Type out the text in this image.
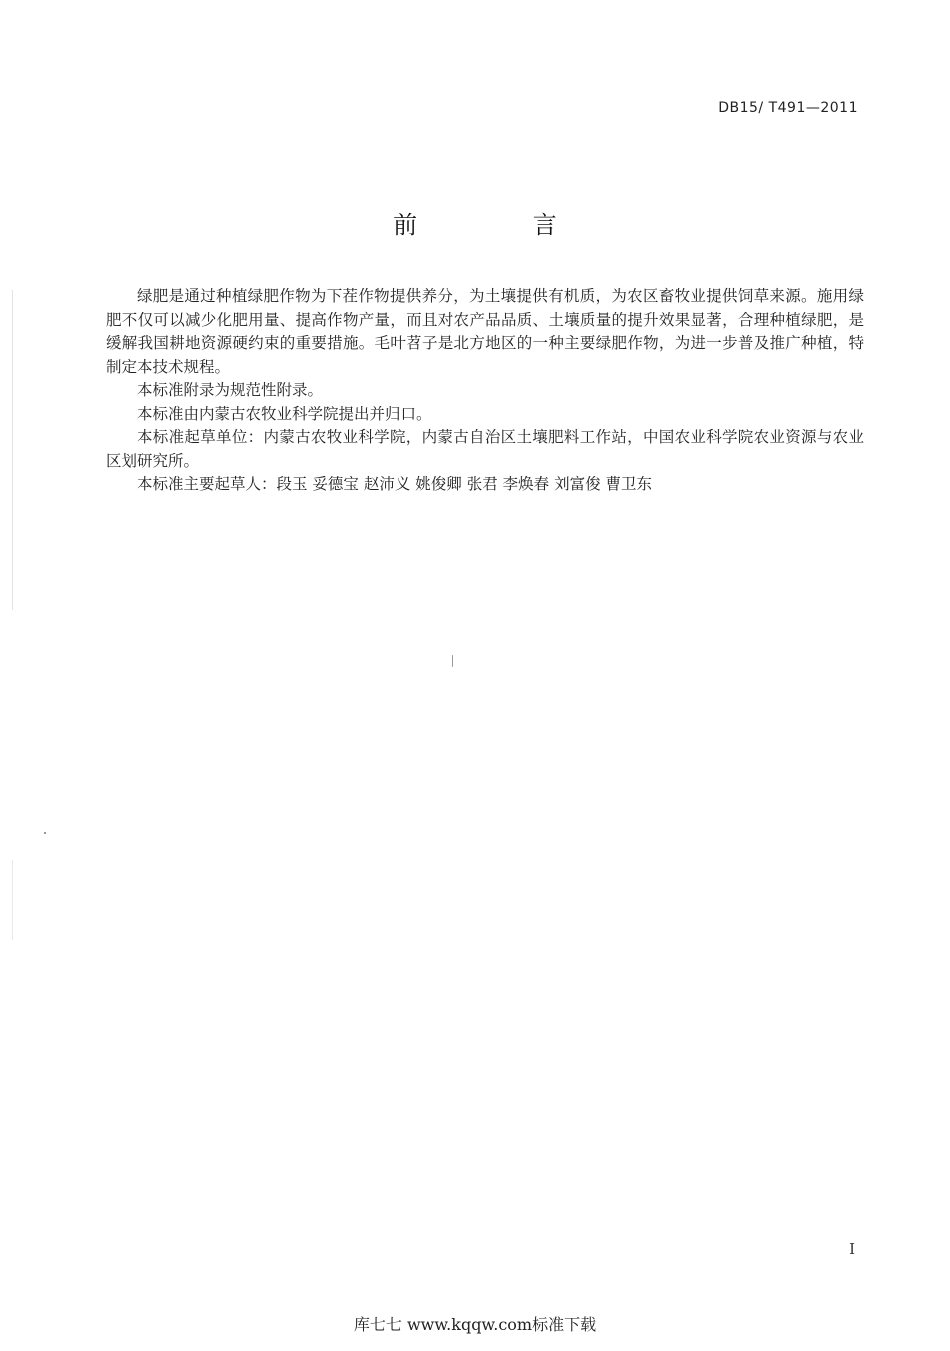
DB15/ T491—2011
前 言

绿肥是通过种植绿肥作物为下茬作物提供养分，为土壤提供有机质，为农区畜牧业提供饲草来源。施用绿肥不仅可以减少化肥用量、提高作物产量，而且对农产品品质、土壤质量的提升效果显著，合理种植绿肥，是缓解我国耕地资源硬约束的重要措施。毛叶苕子是北方地区的一种主要绿肥作物，为进一步普及推广种植，特制定本技术规程。

本标准附录为规范性附录。

本标准由内蒙古农牧业科学院提出并归口。

本标准起草单位：内蒙古农牧业科学院，内蒙古自治区土壤肥料工作站，中国农业科学院农业资源与农业区划研究所。

本标准主要起草人：段玉 妥德宝 赵沛义 姚俊卿 张君 李焕春 刘富俊 曹卫东

I
库七七 www.kqqw.com标准下载
